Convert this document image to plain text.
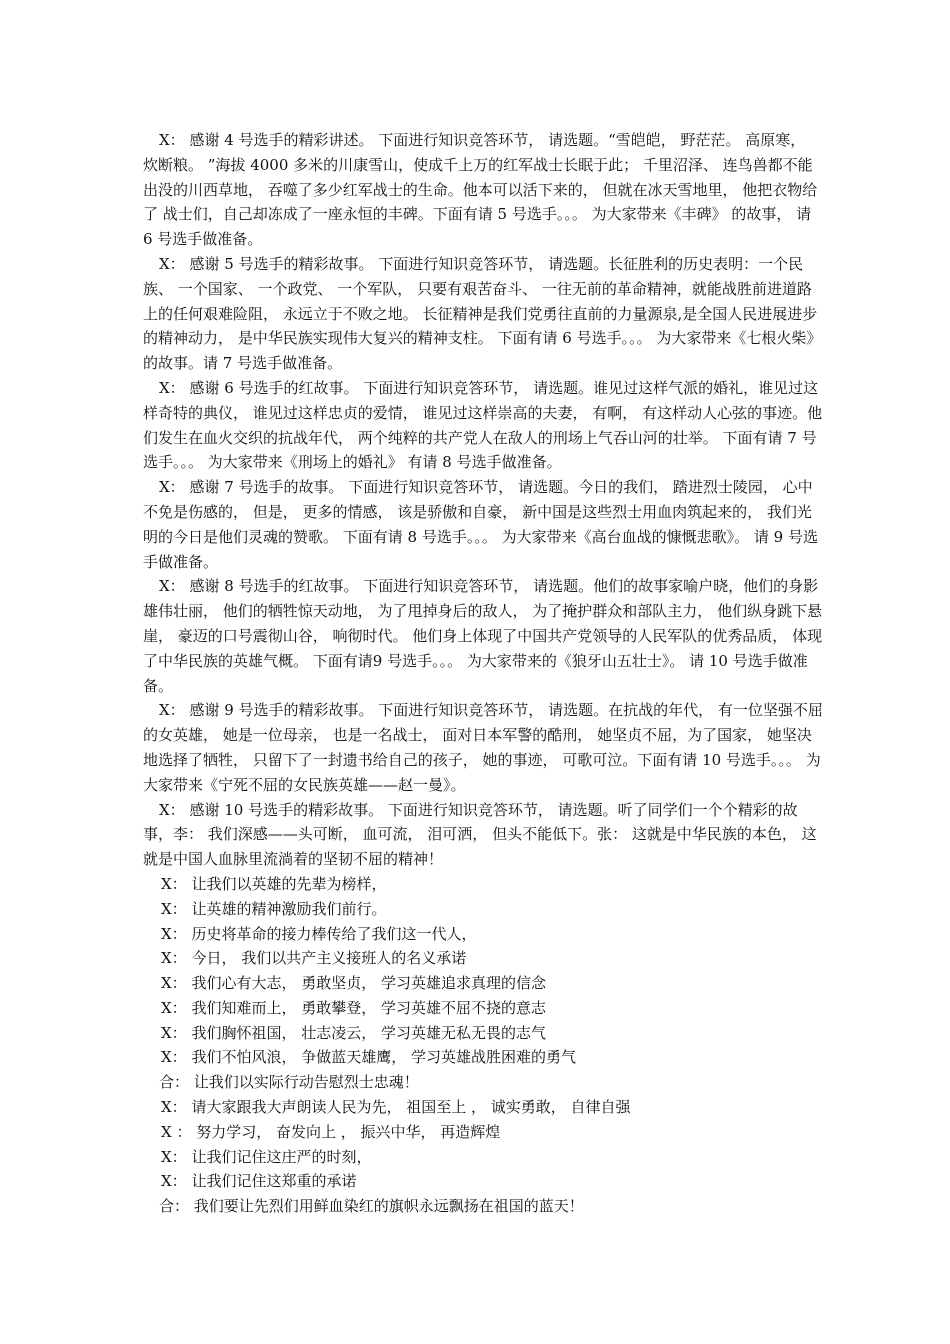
X： 感谢 4 号选手的精彩讲述。 下面进行知识竞答环节， 请选题。“雪皑皑， 野茫茫。 高原寒， 炊断粮。 ”海拔 4000 多米的川康雪山，使成千上万的红军战士长眠于此； 千里沼泽、 连鸟兽都不能出没的川西草地， 吞噬了多少红军战士的生命。他本可以活下来的， 但就在冰天雪地里， 他把衣物给了 战士们，自己却冻成了一座永恒的丰碑。下面有请 5 号选手。。。 为大家带来《丰碑》 的故事， 请 6 号选手做准备。

X： 感谢 5 号选手的精彩故事。 下面进行知识竞答环节， 请选题。长征胜利的历史表明：一个民族、 一个国家、 一个政党、 一个军队， 只要有艰苦奋斗、 一往无前的革命精神，就能战胜前进道路上的任何艰难险阻， 永远立于不败之地。 长征精神是我们党勇往直前的力量源泉,是全国人民进展进步的精神动力， 是中华民族实现伟大复兴的精神支柱。 下面有请 6 号选手。。。 为大家带来《七根火柴》的故事。请 7 号选手做准备。

X： 感谢 6 号选手的红故事。 下面进行知识竞答环节， 请选题。谁见过这样气派的婚礼，谁见过这样奇特的典仪， 谁见过这样忠贞的爱情， 谁见过这样崇高的夫妻， 有啊， 有这样动人心弦的事迹。他们发生在血火交织的抗战年代， 两个纯粹的共产党人在敌人的刑场上气吞山河的壮举。 下面有请 7 号选手。。。 为大家带来《刑场上的婚礼》 有请 8 号选手做准备。

X： 感谢 7 号选手的故事。 下面进行知识竞答环节， 请选题。今日的我们， 踏进烈士陵园， 心中不免是伤感的， 但是， 更多的情感， 该是骄傲和自豪， 新中国是这些烈士用血肉筑起来的， 我们光明的今日是他们灵魂的赞歌。 下面有请 8 号选手。。。 为大家带来《高台血战的慷慨悲歌》。 请 9 号选手做准备。

X： 感谢 8 号选手的红故事。 下面进行知识竞答环节， 请选题。他们的故事家喻户晓，他们的身影雄伟壮丽， 他们的牺牲惊天动地， 为了甩掉身后的敌人， 为了掩护群众和部队主力， 他们纵身跳下悬崖， 豪迈的口号震彻山谷， 响彻时代。 他们身上体现了中国共产党领导的人民军队的优秀品质， 体现了中华民族的英雄气概。 下面有请9 号选手。。。 为大家带来的《狼牙山五壮士》。 请 10 号选手做准备。

X： 感谢 9 号选手的精彩故事。 下面进行知识竞答环节， 请选题。在抗战的年代， 有一位坚强不屈的女英雄， 她是一位母亲， 也是一名战士， 面对日本军警的酷刑， 她坚贞不屈，为了国家， 她坚决地选择了牺牲， 只留下了一封遗书给自己的孩子， 她的事迹， 可歌可泣。下面有请 10 号选手。。。 为大家带来《宁死不屈的女民族英雄——赵一曼》。

X： 感谢 10 号选手的精彩故事。 下面进行知识竞答环节， 请选题。听了同学们一个个精彩的故事，李： 我们深感——头可断， 血可流， 泪可洒， 但头不能低下。张： 这就是中华民族的本色， 这就是中国人血脉里流淌着的坚韧不屈的精神！

X： 让我们以英雄的先辈为榜样，

X： 让英雄的精神激励我们前行。

X： 历史将革命的接力棒传给了我们这一代人，

X： 今日， 我们以共产主义接班人的名义承诺

X： 我们心有大志， 勇敢坚贞， 学习英雄追求真理的信念

X： 我们知难而上， 勇敢攀登， 学习英雄不屈不挠的意志

X： 我们胸怀祖国， 壮志凌云， 学习英雄无私无畏的志气

X： 我们不怕风浪， 争做蓝天雄鹰， 学习英雄战胜困难的勇气

合： 让我们以实际行动告慰烈士忠魂！

X： 请大家跟我大声朗读人民为先， 祖国至上 ， 诚实勇敢， 自律自强

X ： 努力学习， 奋发向上 ， 振兴中华， 再造辉煌

X： 让我们记住这庄严的时刻，

X： 让我们记住这郑重的承诺

合： 我们要让先烈们用鲜血染红的旗帜永远飘扬在祖国的蓝天！
